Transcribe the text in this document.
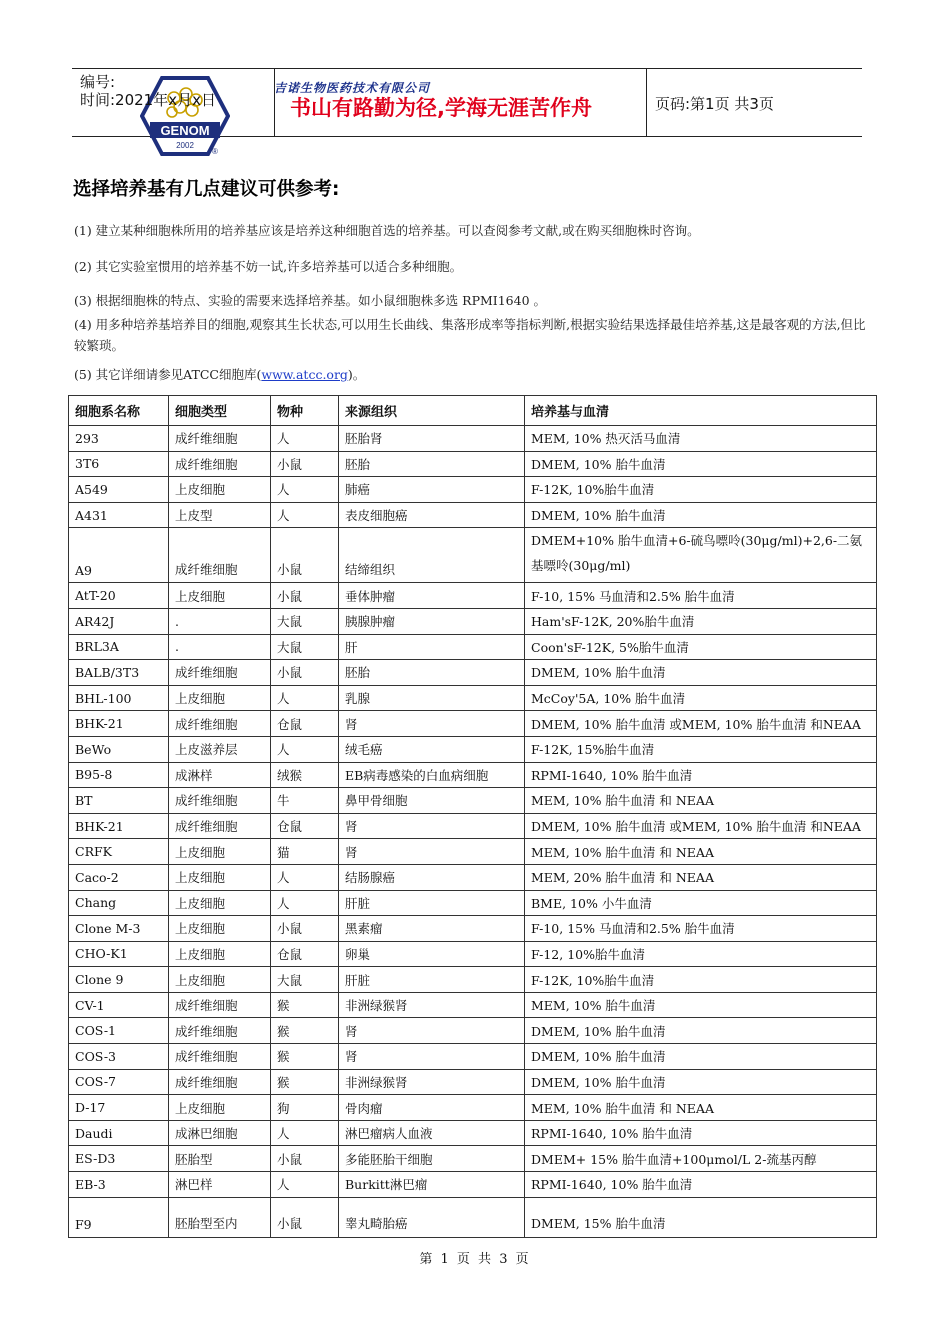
编号:
时间:2021年x月x日
GENOM
2002
®
吉诺生物医药技术有限公司
书山有路勤为径,学海无涯苦作舟	页码:第1页 共3页
选择培养基有几点建议可供参考:
(1) 建立某种细胞株所用的培养基应该是培养这种细胞首选的培养基。可以查阅参考文献,或在购买细胞株时咨询。
(2) 其它实验室惯用的培养基不妨一试,许多培养基可以适合多种细胞。
(3) 根据细胞株的特点、实验的需要来选择培养基。如小鼠细胞株多选 RPMI1640 。
(4) 用多种培养基培养目的细胞,观察其生长状态,可以用生长曲线、集落形成率等指标判断,根据实验结果选择最佳培养基,这是最客观的方法,但比较繁琐。
(5) 其它详细请参见ATCC细胞库(www.atcc.org)。
细胞系名称	细胞类型	物种	来源组织	培养基与血清
293	成纤维细胞	人	胚胎肾	MEM, 10% 热灭活马血清
3T6	成纤维细胞	小鼠	胚胎	DMEM, 10% 胎牛血清
A549	上皮细胞	人	肺癌	F-12K, 10%胎牛血清
A431	上皮型	人	表皮细胞癌	DMEM, 10% 胎牛血清
A9	成纤维细胞	小鼠	结缔组织	DMEM+10% 胎牛血清+6-硫鸟嘌呤(30μg/ml)+2,6-二氨基嘌呤(30μg/ml)
AtT-20	上皮细胞	小鼠	垂体肿瘤	F-10, 15% 马血清和2.5% 胎牛血清
AR42J	.	大鼠	胰腺肿瘤	Ham'sF-12K, 20%胎牛血清
BRL3A	.	大鼠	肝	Coon'sF-12K, 5%胎牛血清
BALB/3T3	成纤维细胞	小鼠	胚胎	DMEM, 10% 胎牛血清
BHL-100	上皮细胞	人	乳腺	McCoy'5A, 10% 胎牛血清
BHK-21	成纤维细胞	仓鼠	肾	DMEM, 10% 胎牛血清 或MEM, 10% 胎牛血清 和NEAA
BeWo	上皮滋养层	人	绒毛癌	F-12K, 15%胎牛血清
B95-8	成淋样	绒猴	EB病毒感染的白血病细胞	RPMI-1640, 10% 胎牛血清
BT	成纤维细胞	牛	鼻甲骨细胞	MEM, 10% 胎牛血清 和 NEAA
BHK-21	成纤维细胞	仓鼠	肾	DMEM, 10% 胎牛血清 或MEM, 10% 胎牛血清 和NEAA
CRFK	上皮细胞	猫	肾	MEM, 10% 胎牛血清 和 NEAA
Caco-2	上皮细胞	人	结肠腺癌	MEM, 20% 胎牛血清 和 NEAA
Chang	上皮细胞	人	肝脏	BME, 10% 小牛血清
Clone M-3	上皮细胞	小鼠	黑素瘤	F-10, 15% 马血清和2.5% 胎牛血清
CHO-K1	上皮细胞	仓鼠	卵巢	F-12, 10%胎牛血清
Clone 9	上皮细胞	大鼠	肝脏	F-12K, 10%胎牛血清
CV-1	成纤维细胞	猴	非洲绿猴肾	MEM, 10% 胎牛血清
COS-1	成纤维细胞	猴	肾	DMEM, 10% 胎牛血清
COS-3	成纤维细胞	猴	肾	DMEM, 10% 胎牛血清
COS-7	成纤维细胞	猴	非洲绿猴肾	DMEM, 10% 胎牛血清
D-17	上皮细胞	狗	骨肉瘤	MEM, 10% 胎牛血清 和 NEAA
Daudi	成淋巴细胞	人	淋巴瘤病人血液	RPMI-1640, 10% 胎牛血清
ES-D3	胚胎型	小鼠	多能胚胎干细胞	DMEM+ 15% 胎牛血清+100μmol/L 2-巯基丙醇
EB-3	淋巴样	人	Burkitt淋巴瘤	RPMI-1640, 10% 胎牛血清
F9	胚胎型至内	小鼠	睾丸畸胎癌	DMEM, 15% 胎牛血清
第 1 页 共 3 页
